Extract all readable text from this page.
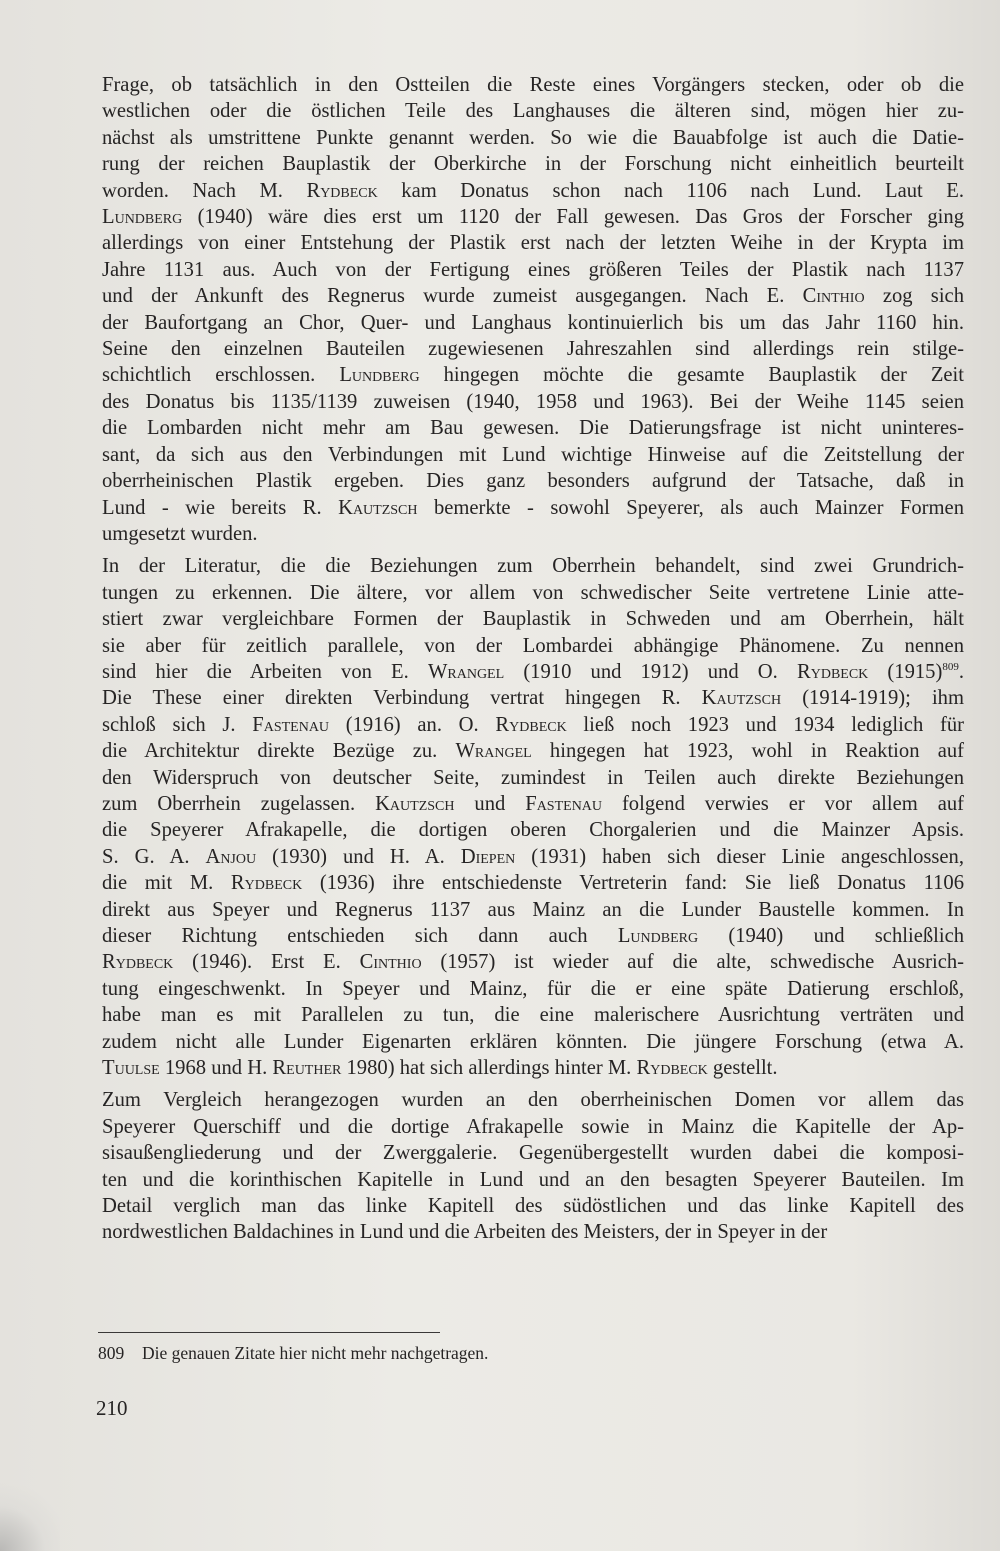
Frage, ob tatsächlich in den Ostteilen die Reste eines Vorgängers stecken, oder ob die
westlichen oder die östlichen Teile des Langhauses die älteren sind, mögen hier zu-
nächst als umstrittene Punkte genannt werden. So wie die Bauabfolge ist auch die Datie-
rung der reichen Bauplastik der Oberkirche in der Forschung nicht einheitlich beurteilt
worden. Nach M. Rydbeck kam Donatus schon nach 1106 nach Lund. Laut E.
Lundberg (1940) wäre dies erst um 1120 der Fall gewesen. Das Gros der Forscher ging
allerdings von einer Entstehung der Plastik erst nach der letzten Weihe in der Krypta im
Jahre 1131 aus. Auch von der Fertigung eines größeren Teiles der Plastik nach 1137
und der Ankunft des Regnerus wurde zumeist ausgegangen. Nach E. Cinthio zog sich
der Baufortgang an Chor, Quer- und Langhaus kontinuierlich bis um das Jahr 1160 hin.
Seine den einzelnen Bauteilen zugewiesenen Jahreszahlen sind allerdings rein stilge-
schichtlich erschlossen. Lundberg hingegen möchte die gesamte Bauplastik der Zeit
des Donatus bis 1135/1139 zuweisen (1940, 1958 und 1963). Bei der Weihe 1145 seien
die Lombarden nicht mehr am Bau gewesen. Die Datierungsfrage ist nicht uninteres-
sant, da sich aus den Verbindungen mit Lund wichtige Hinweise auf die Zeitstellung der
oberrheinischen Plastik ergeben. Dies ganz besonders aufgrund der Tatsache, daß in
Lund - wie bereits R. Kautzsch bemerkte - sowohl Speyerer, als auch Mainzer Formen
umgesetzt wurden.

In der Literatur, die die Beziehungen zum Oberrhein behandelt, sind zwei Grundrich-
tungen zu erkennen. Die ältere, vor allem von schwedischer Seite vertretene Linie atte-
stiert zwar vergleichbare Formen der Bauplastik in Schweden und am Oberrhein, hält
sie aber für zeitlich parallele, von der Lombardei abhängige Phänomene. Zu nennen
sind hier die Arbeiten von E. Wrangel (1910 und 1912) und O. Rydbeck $(1915)^{809}$.
Die These einer direkten Verbindung vertrat hingegen R. Kautzsch (1914-1919); ihm
schloß sich J. Fastenau (1916) an. O. Rydbeck ließ noch 1923 und 1934 lediglich für
die Architektur direkte Bezüge zu. Wrangel hingegen hat 1923, wohl in Reaktion auf
den Widerspruch von deutscher Seite, zumindest in Teilen auch direkte Beziehungen
zum Oberrhein zugelassen. Kautzsch und Fastenau folgend verwies er vor allem auf
die Speyerer Afrakapelle, die dortigen oberen Chorgalerien und die Mainzer Apsis.
S. G. A. Anjou (1930) und H. A. Diepen (1931) haben sich dieser Linie angeschlossen,
die mit M. Rydbeck (1936) ihre entschiedenste Vertreterin fand: Sie ließ Donatus 1106
direkt aus Speyer und Regnerus 1137 aus Mainz an die Lunder Baustelle kommen. In
dieser Richtung entschieden sich dann auch Lundberg (1940) und schließlich
Rydbeck (1946). Erst E. Cinthio (1957) ist wieder auf die alte, schwedische Ausrich-
tung eingeschwenkt. In Speyer und Mainz, für die er eine späte Datierung erschloß,
habe man es mit Parallelen zu tun, die eine malerischere Ausrichtung verträten und
zudem nicht alle Lunder Eigenarten erklären könnten. Die jüngere Forschung (etwa A.
Tuulse 1968 und H. Reuther 1980) hat sich allerdings hinter M. Rydbeck gestellt.

Zum Vergleich herangezogen wurden an den oberrheinischen Domen vor allem das
Speyerer Querschiff und die dortige Afrakapelle sowie in Mainz die Kapitelle der Ap-
sisaußengliederung und der Zwerggalerie. Gegenübergestellt wurden dabei die komposi-
ten und die korinthischen Kapitelle in Lund und an den besagten Speyerer Bauteilen. Im
Detail verglich man das linke Kapitell des südöstlichen und das linke Kapitell des
nordwestlichen Baldachines in Lund und die Arbeiten des Meisters, der in Speyer in der

809 Die genauen Zitate hier nicht mehr nachgetragen.
210
